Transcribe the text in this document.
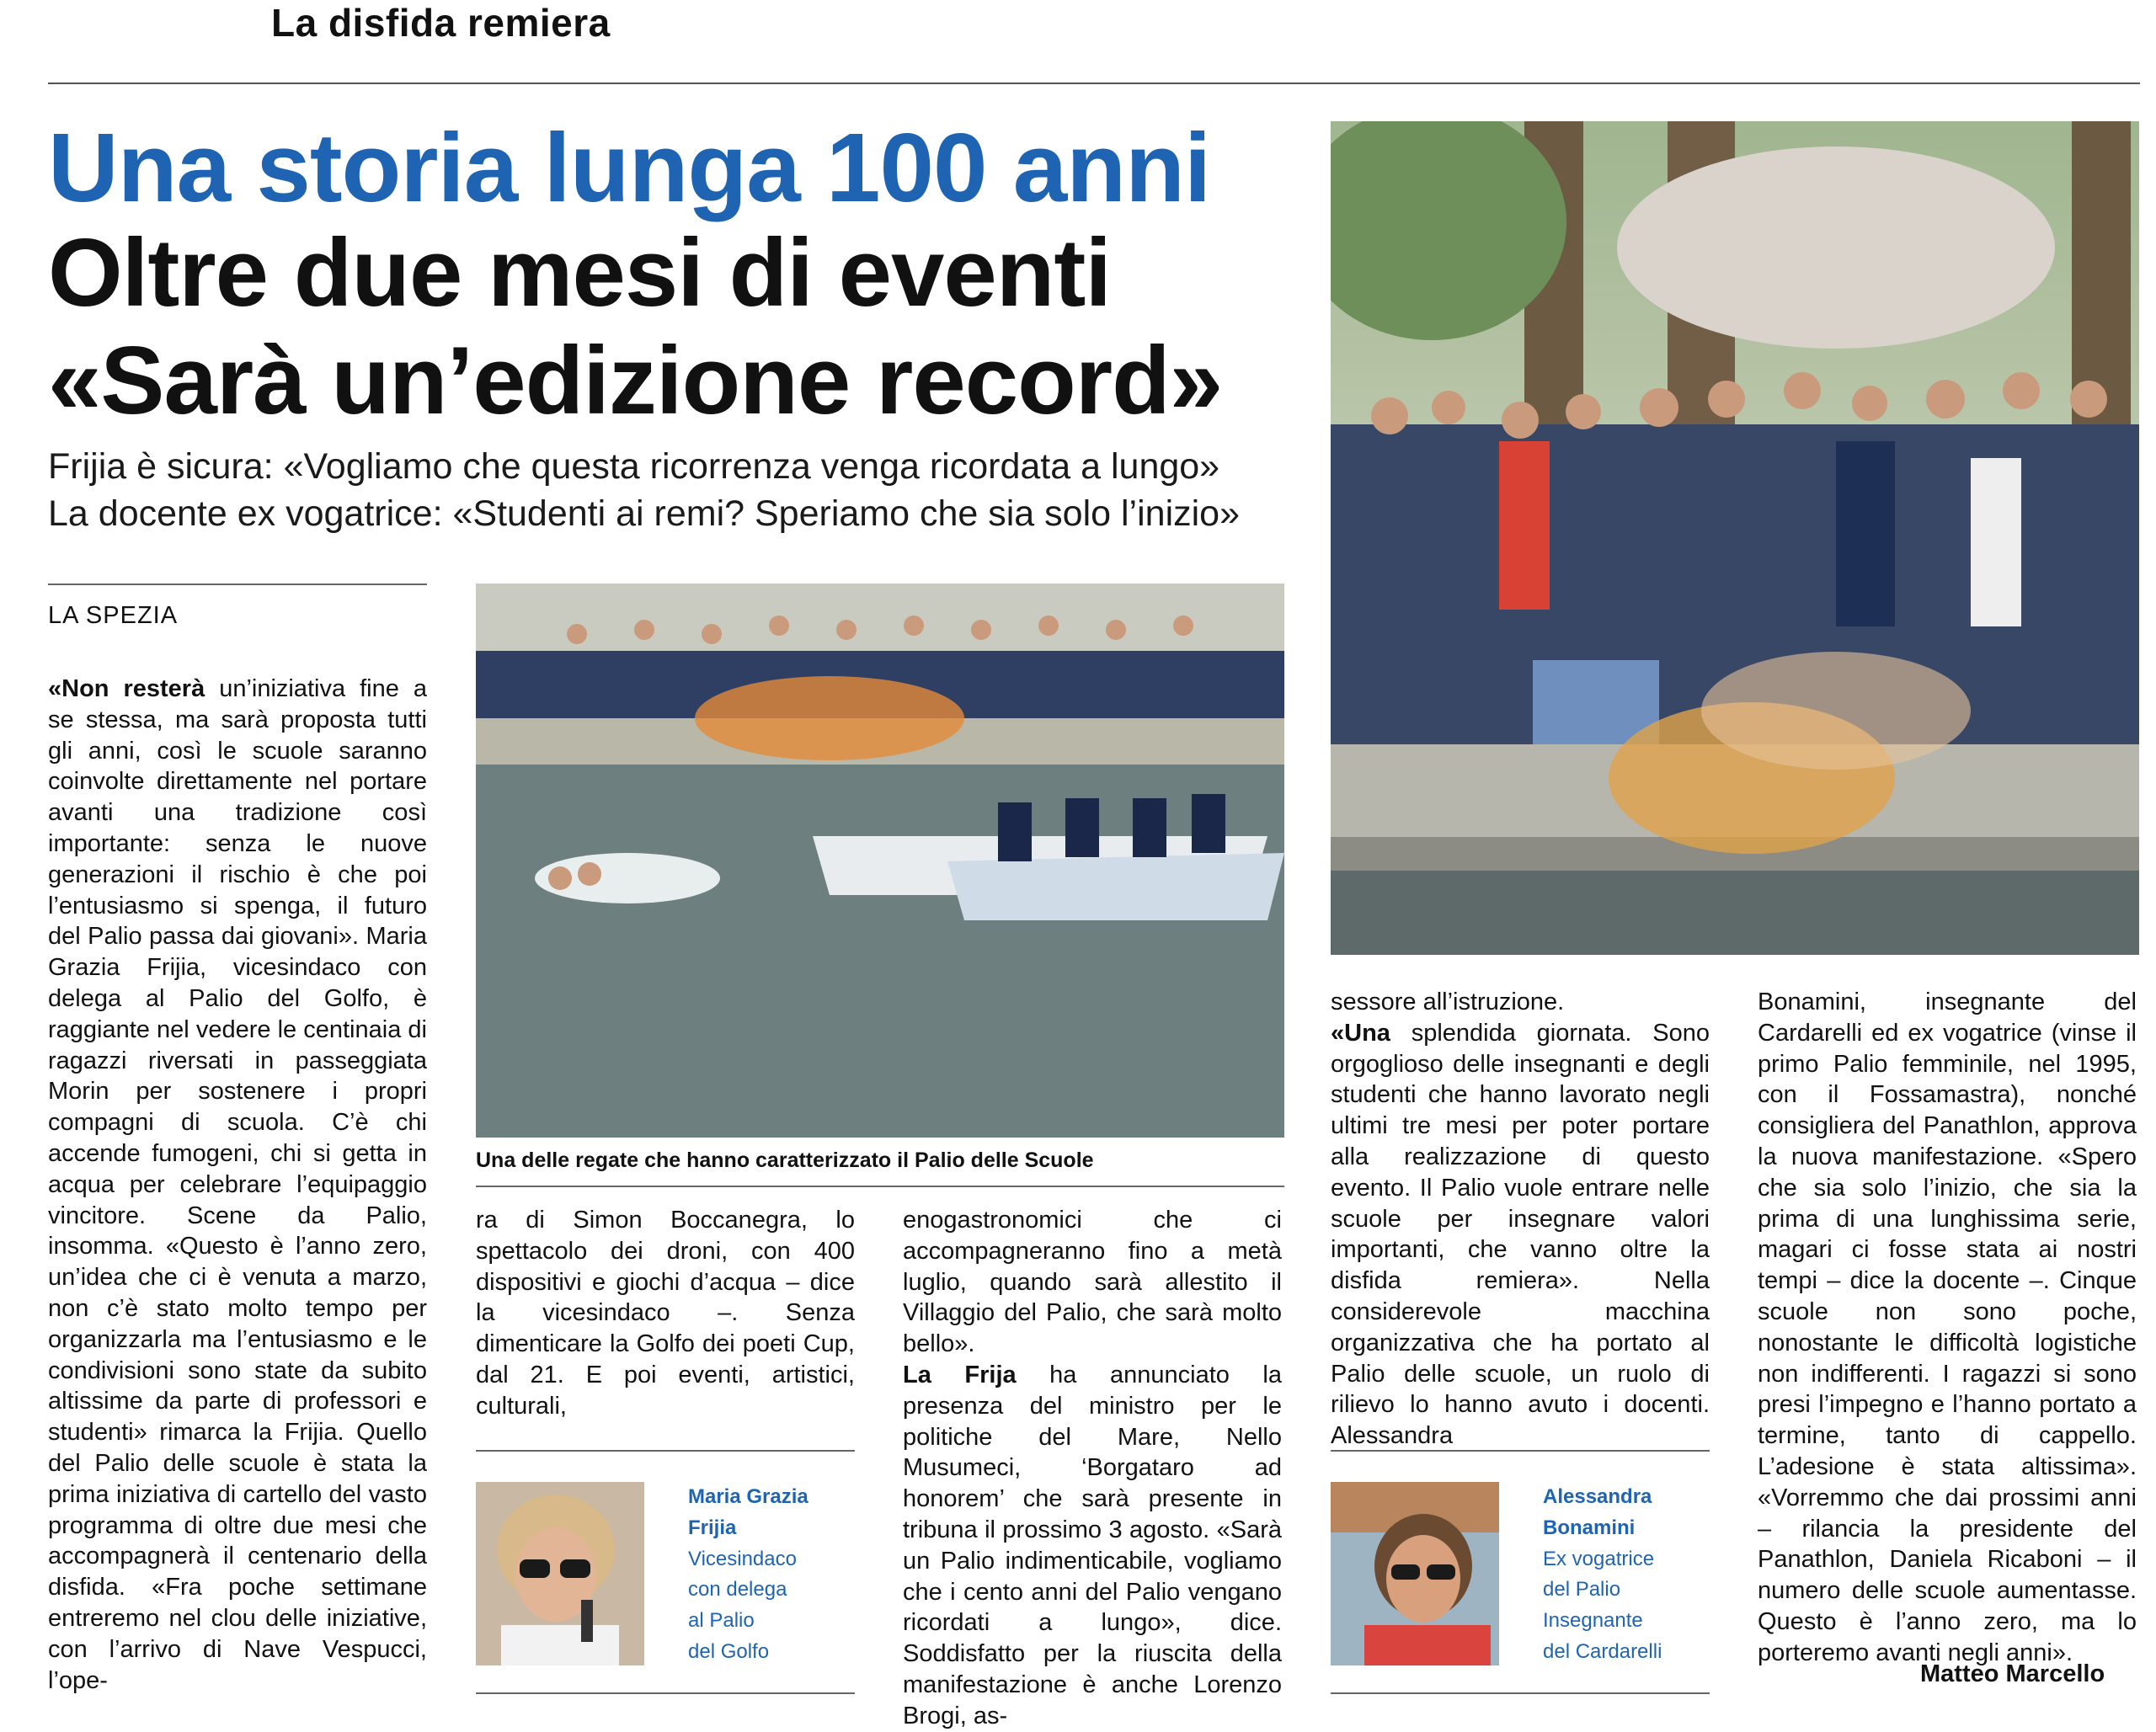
La disfida remiera
Una storia lunga 100 anni
Oltre due mesi di eventi
«Sarà un’edizione record»
Frijia è sicura: «Vogliamo che questa ricorrenza venga ricordata a lungo»
La docente ex vogatrice: «Studenti ai remi? Speriamo che sia solo l’inizio»
LA SPEZIA

«Non resterà un’iniziativa fine a se stessa, ma sarà proposta tutti gli anni, così le scuole saranno coinvolte direttamente nel portare avanti una tradizione così importante: senza le nuove generazioni il rischio è che poi l’entusiasmo si spenga, il futuro del Palio passa dai giovani». Maria Grazia Frijia, vicesindaco con delega al Palio del Golfo, è raggiante nel vedere le centinaia di ragazzi riversati in passeggiata Morin per sostenere i propri compagni di scuola. C’è chi accende fumogeni, chi si getta in acqua per celebrare l’equipaggio vincitore. Scene da Palio, insomma. «Questo è l’anno zero, un’idea che ci è venuta a marzo, non c’è stato molto tempo per organizzarla ma l’entusiasmo e le condivisioni sono state da subito altissime da parte di professori e studenti» rimarca la Frijia. Quello del Palio delle scuole è stata la prima iniziativa di cartello del vasto programma di oltre due mesi che accompagnerà il centenario della disfida. «Fra poche settimane entreremo nel clou delle iniziative, con l’arrivo di Nave Vespucci, l’ope-

Una delle regate che hanno caratterizzato il Palio delle Scuole

ra di Simon Boccanegra, lo spettacolo dei droni, con 400 dispositivi e giochi d’acqua – dice la vicesindaco –. Senza dimenticare la Golfo dei poeti Cup, dal 21. E poi eventi, artistici, culturali,

Maria Grazia
Frijia
Vicesindaco
con delega
al Palio
del Golfo

enogastronomici che ci accompagneranno fino a metà luglio, quando sarà allestito il Villaggio del Palio, che sarà molto bello».

La Frija ha annunciato la presenza del ministro per le politiche del Mare, Nello Musumeci, ‘Borgataro ad honorem’ che sarà presente in tribuna il prossimo 3 agosto. «Sarà un Palio indimenticabile, vogliamo che i cento anni del Palio vengano ricordati a lungo», dice. Soddisfatto per la riuscita della manifestazione è anche Lorenzo Brogi, as-

sessore all’istruzione.

«Una splendida giornata. Sono orgoglioso delle insegnanti e degli studenti che hanno lavorato negli ultimi tre mesi per poter portare alla realizzazione di questo evento. Il Palio vuole entrare nelle scuole per insegnare valori importanti, che vanno oltre la disfida remiera». Nella considerevole macchina organizzativa che ha portato al Palio delle scuole, un ruolo di rilievo lo hanno avuto i docenti. Alessandra

Alessandra
Bonamini
Ex vogatrice
del Palio
Insegnante
del Cardarelli

Bonamini, insegnante del Cardarelli ed ex vogatrice (vinse il primo Palio femminile, nel 1995, con il Fossamastra), nonché consigliera del Panathlon, approva la nuova manifestazione. «Spero che sia solo l’inizio, che sia la prima di una lunghissima serie, magari ci fosse stata ai nostri tempi – dice la docente –. Cinque scuole non sono poche, nonostante le difficoltà logistiche non indifferenti. I ragazzi si sono presi l’impegno e l’hanno portato a termine, tanto di cappello. L’adesione è stata altissima». «Vorremmo che dai prossimi anni – rilancia la presidente del Panathlon, Daniela Ricaboni – il numero delle scuole aumentasse. Questo è l’anno zero, ma lo porteremo avanti negli anni».

Matteo Marcello
